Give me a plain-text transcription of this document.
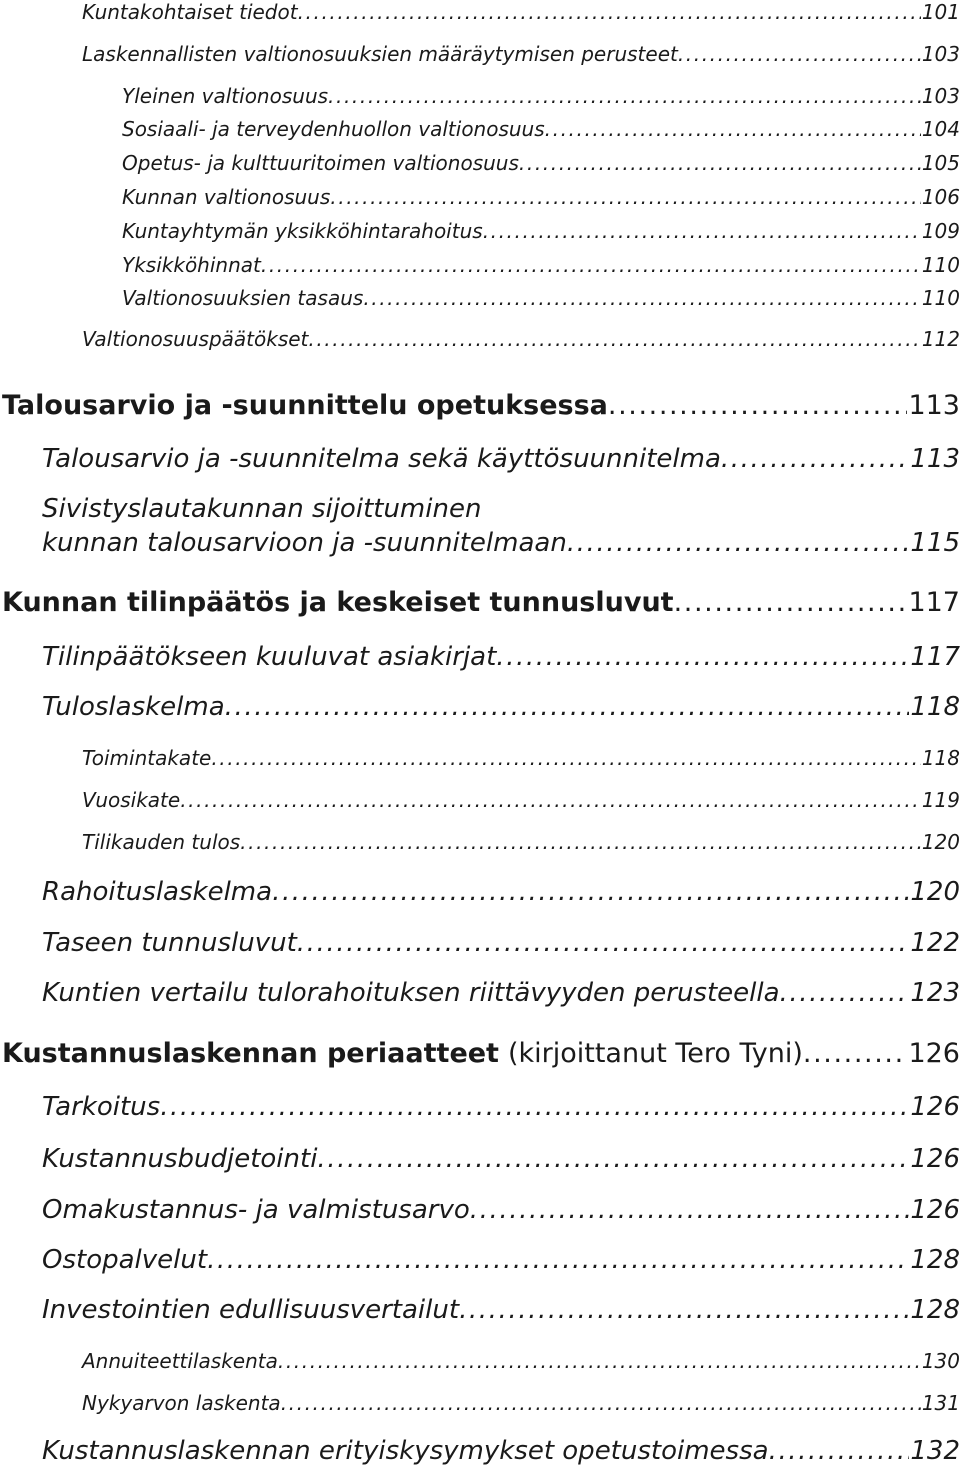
Kuntakohtaiset tiedot .....	101
Laskennallisten valtionosuuksien määräytymisen perusteet .....	103
Yleinen valtionosuus .....	103
Sosiaali- ja terveydenhuollon valtionosuus .....	104
Opetus- ja kulttuuritoimen valtionosuus .....	105
Kunnan valtionosuus .....	106
Kuntayhtymän yksikköhintarahoitus .....	109
Yksikköhinnat .....	110
Valtionosuuksien tasaus .....	110
Valtionosuuspäätökset .....	112
Talousarvio ja -suunnittelu opetuksessa .....	113
Talousarvio ja -suunnitelma sekä käyttösuunnitelma .....	113
Sivistyslautakunnan sijoittuminen
kunnan talousarvioon ja -suunnitelmaan .....	115
Kunnan tilinpäätös ja keskeiset tunnusluvut .....	117
Tilinpäätökseen kuuluvat asiakirjat .....	117
Tuloslaskelma .....	118
Toimintakate .....	118
Vuosikate .....	119
Tilikauden tulos .....	120
Rahoituslaskelma .....	120
Taseen tunnusluvut .....	122
Kuntien vertailu tulorahoituksen riittävyyden perusteella .....	123
Kustannuslaskennan periaatteet (kirjoittanut Tero Tyni) .....	126
Tarkoitus .....	126
Kustannusbudjetointi .....	126
Omakustannus- ja valmistusarvo .....	126
Ostopalvelut .....	128
Investointien edullisuusvertailut .....	128
Annuiteettilaskenta .....	130
Nykyarvon laskenta .....	131
Kustannuslaskennan erityiskysymykset opetustoimessa .....	132
